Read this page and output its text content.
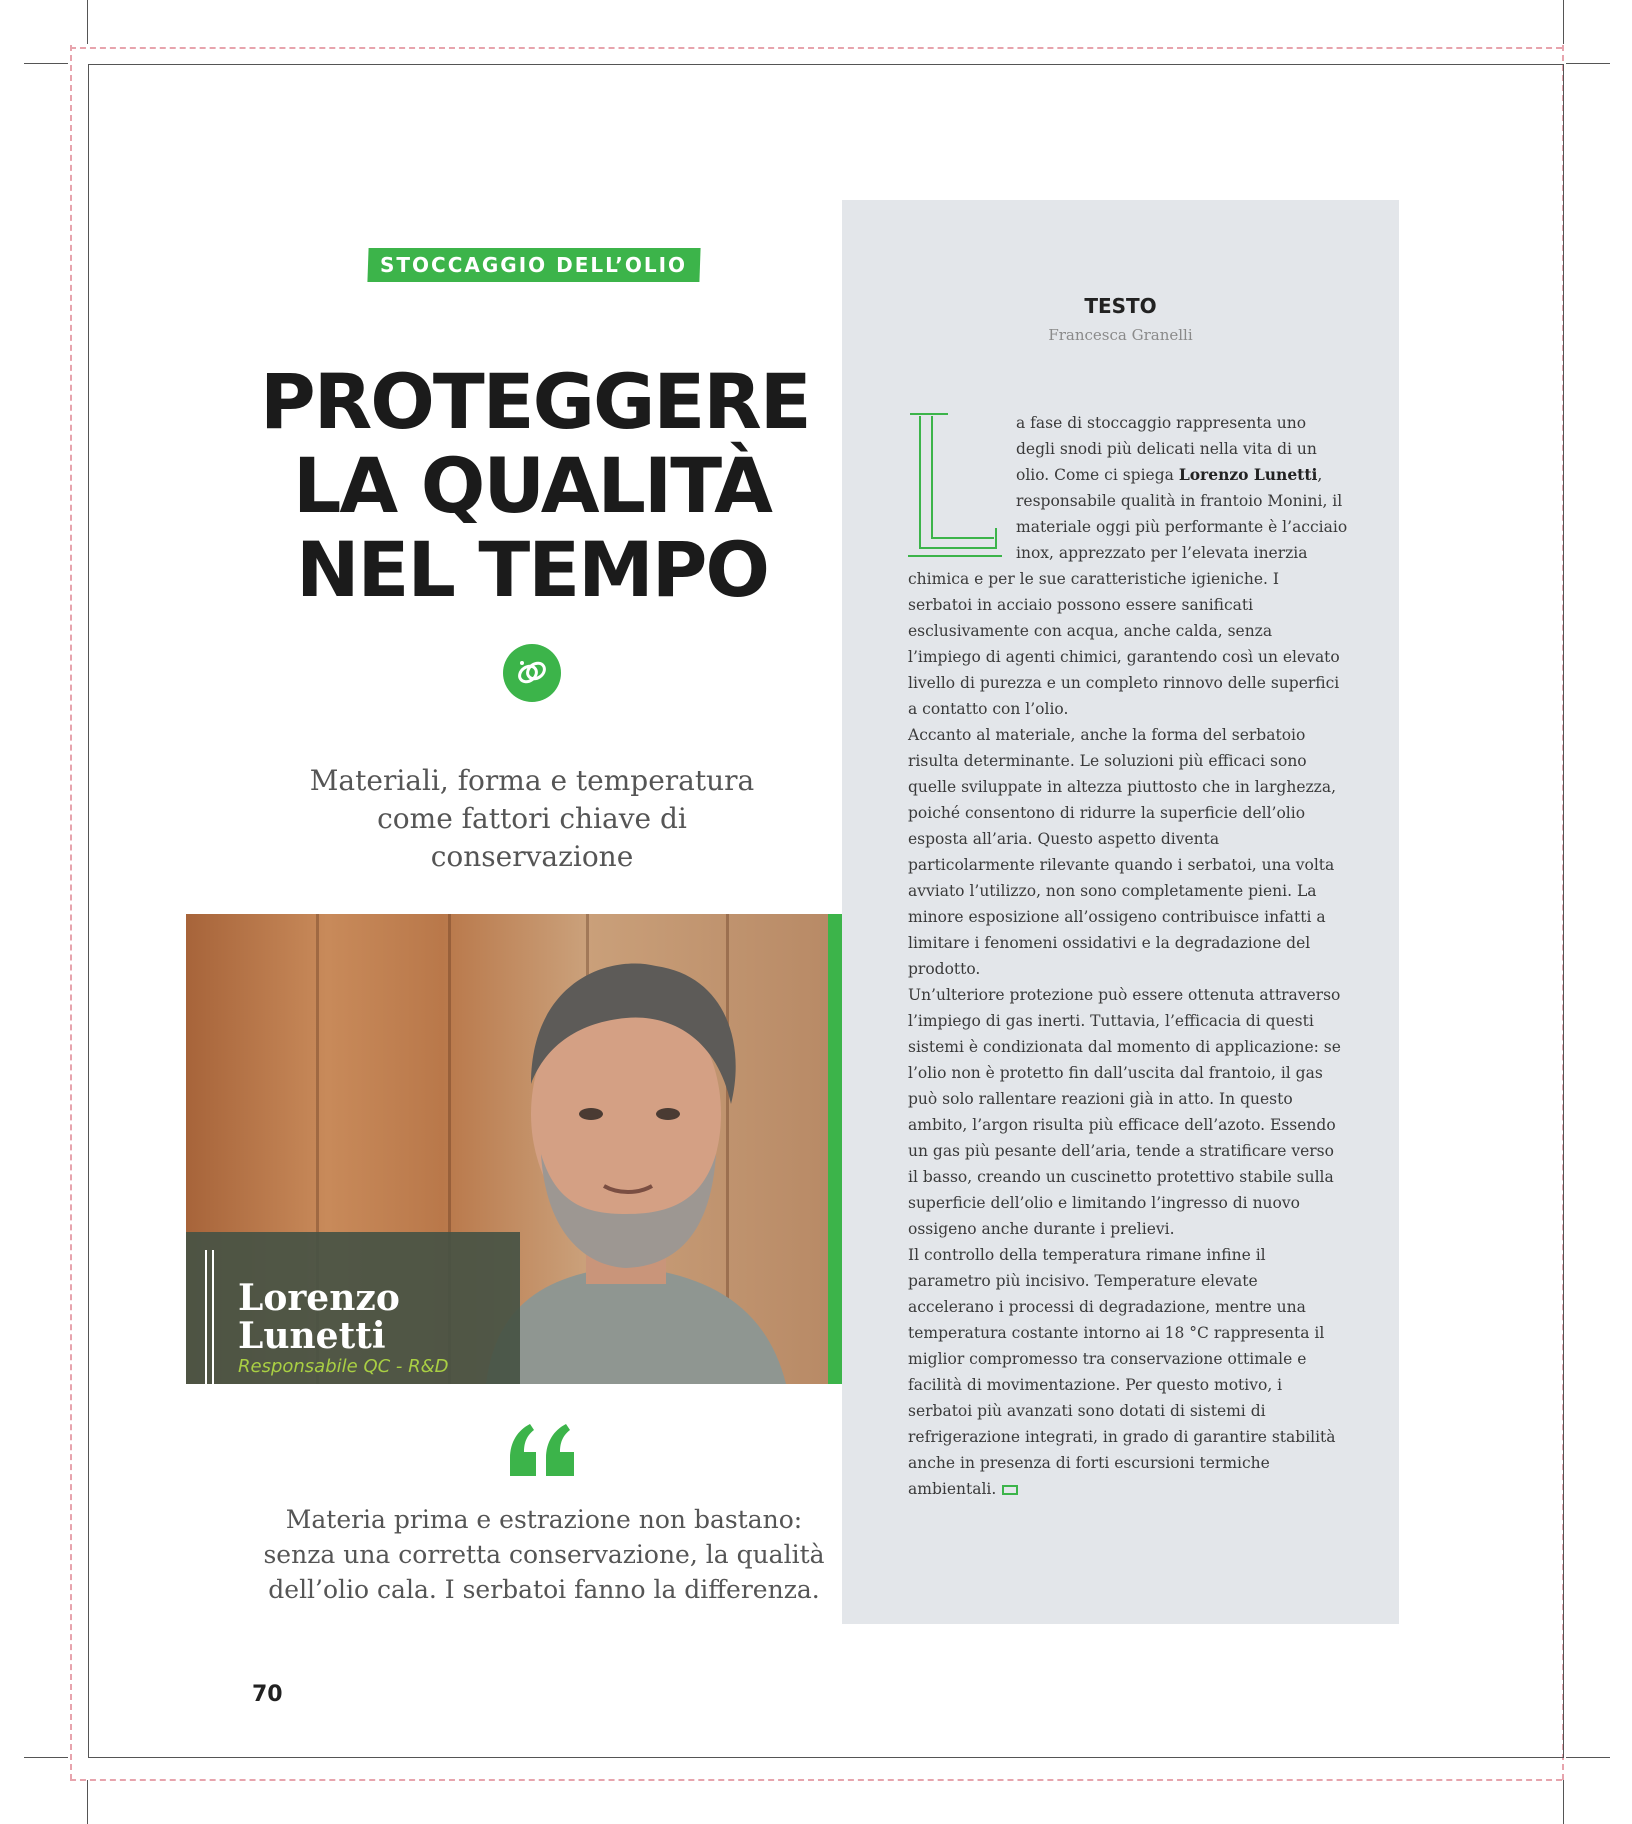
STOCCAGGIO DELL’OLIO
PROTEGGERE
LA QUALITÀ
NEL TEMPO

Materiali, forma e temperatura come fattori chiave di conservazione

Lorenzo
Lunetti
Responsabile QC - R&D

Materia prima e estrazione non bastano: senza una corretta conservazione, la qualità dell’olio cala. I serbatoi fanno la differenza.

70
TESTO
Francesca Granelli

a fase di stoccaggio rappresenta uno degli snodi più delicati nella vita di un olio. Come ci spiega Lorenzo Lunetti, responsabile qualità in frantoio Monini, il materiale oggi più performante è l’acciaio inox, apprezzato per l’elevata inerzia chimica e per le sue caratteristiche igieniche. I serbatoi in acciaio possono essere sanificati esclusivamente con acqua, anche calda, senza l’impiego di agenti chimici, garantendo così un elevato livello di purezza e un completo rinnovo delle superfici a contatto con l’olio.

Accanto al materiale, anche la forma del serbatoio risulta determinante. Le soluzioni più efficaci sono quelle sviluppate in altezza piuttosto che in larghezza, poiché consentono di ridurre la superficie dell’olio esposta all’aria. Questo aspetto diventa particolarmente rilevante quando i serbatoi, una volta avviato l’utilizzo, non sono completamente pieni. La minore esposizione all’ossigeno contribuisce infatti a limitare i fenomeni ossidativi e la degradazione del prodotto.

Un’ulteriore protezione può essere ottenuta attraverso l’impiego di gas inerti. Tuttavia, l’efficacia di questi sistemi è condizionata dal momento di applicazione: se l’olio non è protetto fin dall’uscita dal frantoio, il gas può solo rallentare reazioni già in atto. In questo ambito, l’argon risulta più efficace dell’azoto. Essendo un gas più pesante dell’aria, tende a stratificare verso il basso, creando un cuscinetto protettivo stabile sulla superficie dell’olio e limitando l’ingresso di nuovo ossigeno anche durante i prelievi.

Il controllo della temperatura rimane infine il parametro più incisivo. Temperature elevate accelerano i processi di degradazione, mentre una temperatura costante intorno ai 18 °C rappresenta il miglior compromesso tra conservazione ottimale e facilità di movimentazione. Per questo motivo, i serbatoi più avanzati sono dotati di sistemi di refrigerazione integrati, in grado di garantire stabilità anche in presenza di forti escursioni termiche ambientali.
